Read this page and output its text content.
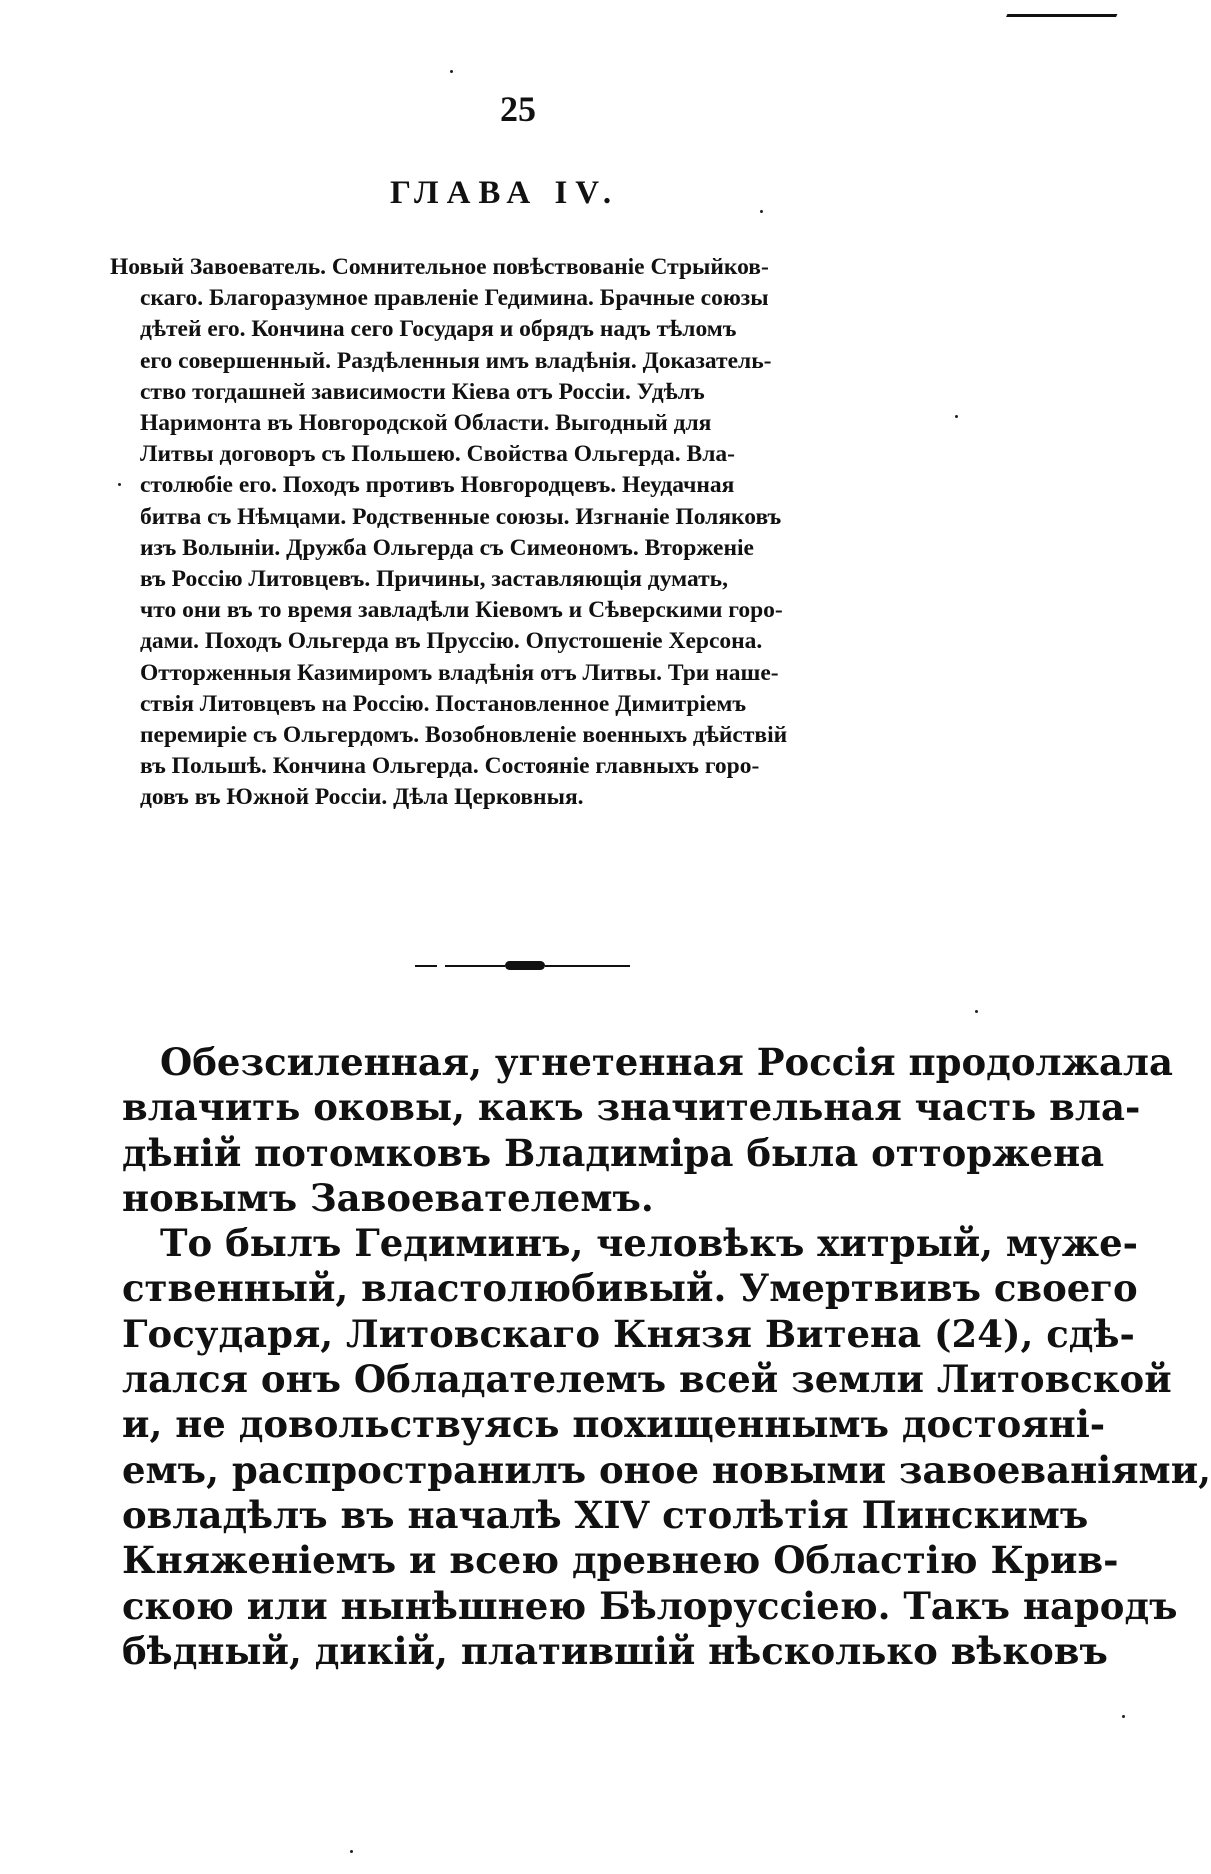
25
ГЛАВА IV.
Новый Завоеватель. Сомнительное повѣствованіе Стрыйков-
скаго. Благоразумное правленіе Гедимина. Брачные союзы
дѣтей его. Кончина сего Государя и обрядъ надъ тѣломъ
его совершенный. Раздѣленныя имъ владѣнія. Доказатель-
ство тогдашней зависимости Кіева отъ Россіи. Удѣлъ
Наримонта въ Новгородской Области. Выгодный для
Литвы договоръ съ Польшею. Свойства Ольгерда. Вла-
столюбіе его. Походъ противъ Новгородцевъ. Неудачная
битва съ Нѣмцами. Родственные союзы. Изгнаніе Поляковъ
изъ Волыніи. Дружба Ольгерда съ Симеономъ. Вторженіе
въ Россію Литовцевъ. Причины, заставляющія думать,
что они въ то время завладѣли Кіевомъ и Сѣверскими горо-
дами. Походъ Ольгерда въ Пруссію. Опустошеніе Херсона.
Отторженныя Казимиромъ владѣнія отъ Литвы. Три наше-
ствія Литовцевъ на Россію. Постановленное Димитріемъ
перемиріе съ Ольгердомъ. Возобновленіе военныхъ дѣйствій
въ Польшѣ. Кончина Ольгерда. Состояніе главныхъ горо-
довъ въ Южной Россіи. Дѣла Церковныя.
Обезсиленная, угнетенная Россія продолжала
влачить оковы, какъ значительная часть вла-
дѣній потомковъ Владиміра была отторжена
новымъ Завоевателемъ.
То былъ Гедиминъ, человѣкъ хитрый, муже-
ственный, властолюбивый. Умертвивъ своего
Государя, Литовскаго Князя Витена (24), сдѣ-
лался онъ Обладателемъ всей земли Литовской
и, не довольствуясь похищеннымъ достояні-
емъ, распространилъ оное новыми завоеваніями,
овладѣлъ въ началѣ XIV столѣтія Пинскимъ
Княженіемъ и всею древнею Областію Крив-
скою или нынѣшнею Бѣлоруссіею. Такъ народъ
бѣдный, дикій, платившій нѣсколько вѣковъ
